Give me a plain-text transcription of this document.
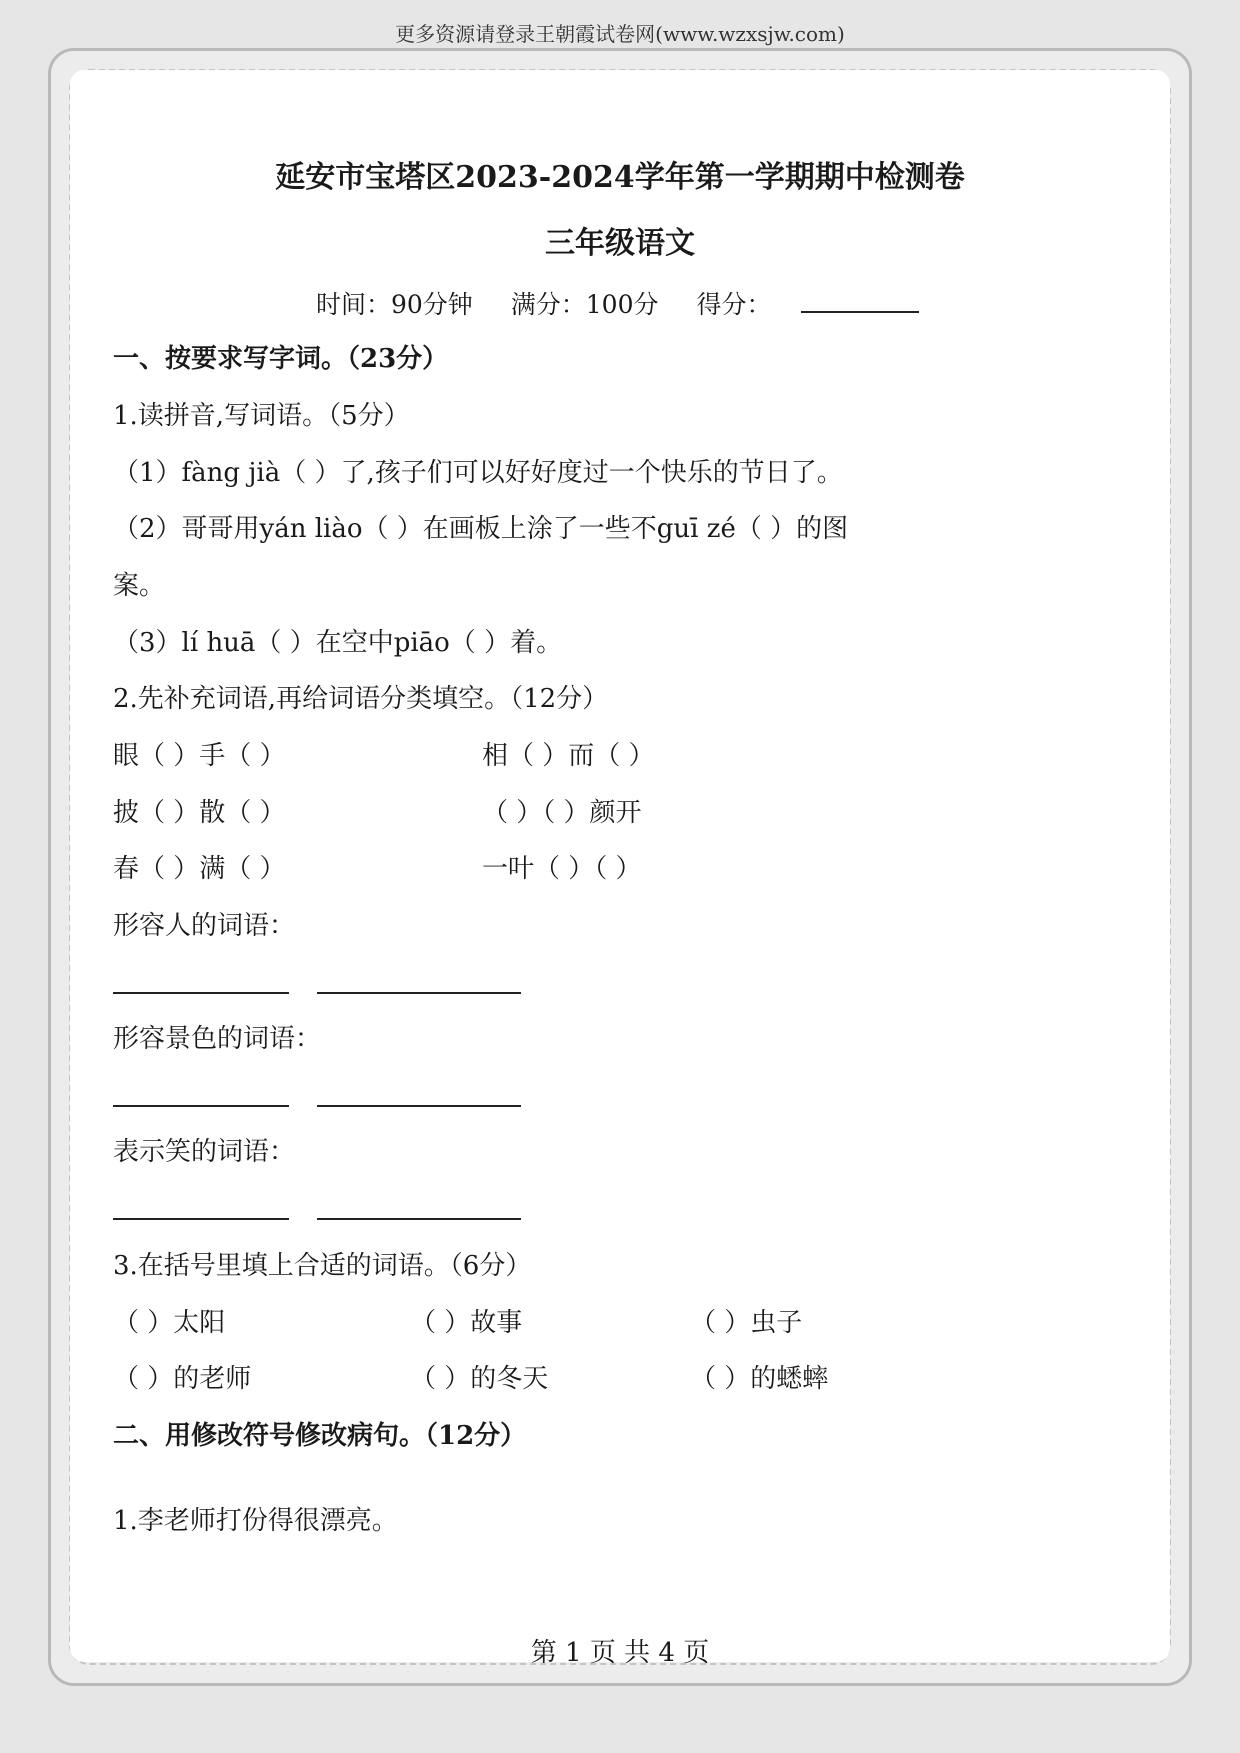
更多资源请登录王朝霞试卷网(www.wzxsjw.com)
延安市宝塔区2023-2024学年第一学期期中检测卷
三年级语文
时间：90分钟 满分：100分 得分：
一、按要求写字词。（23分）
1.读拼音,写词语。（5分）
（1）fàng jià（ ）了,孩子们可以好好度过一个快乐的节日了。
（2）哥哥用yán liào（ ）在画板上涂了一些不guī zé（ ）的图
案。
（3）lí huā（ ）在空中piāo（ ）着。
2.先补充词语,再给词语分类填空。（12分）
眼（ ）手（ ）	相（ ）而（ ）
披（ ）散（ ）	（ ）（ ）颜开
春（ ）满（ ）	一叶（ ）（ ）
形容人的词语：
形容景色的词语：
表示笑的词语：
3.在括号里填上合适的词语。（6分）
（ ）太阳	（ ）故事	（ ）虫子
（ ）的老师	（ ）的冬天	（ ）的蟋蟀
二、用修改符号修改病句。（12分）
1.李老师打份得很漂亮。
第 1 页 共 4 页
